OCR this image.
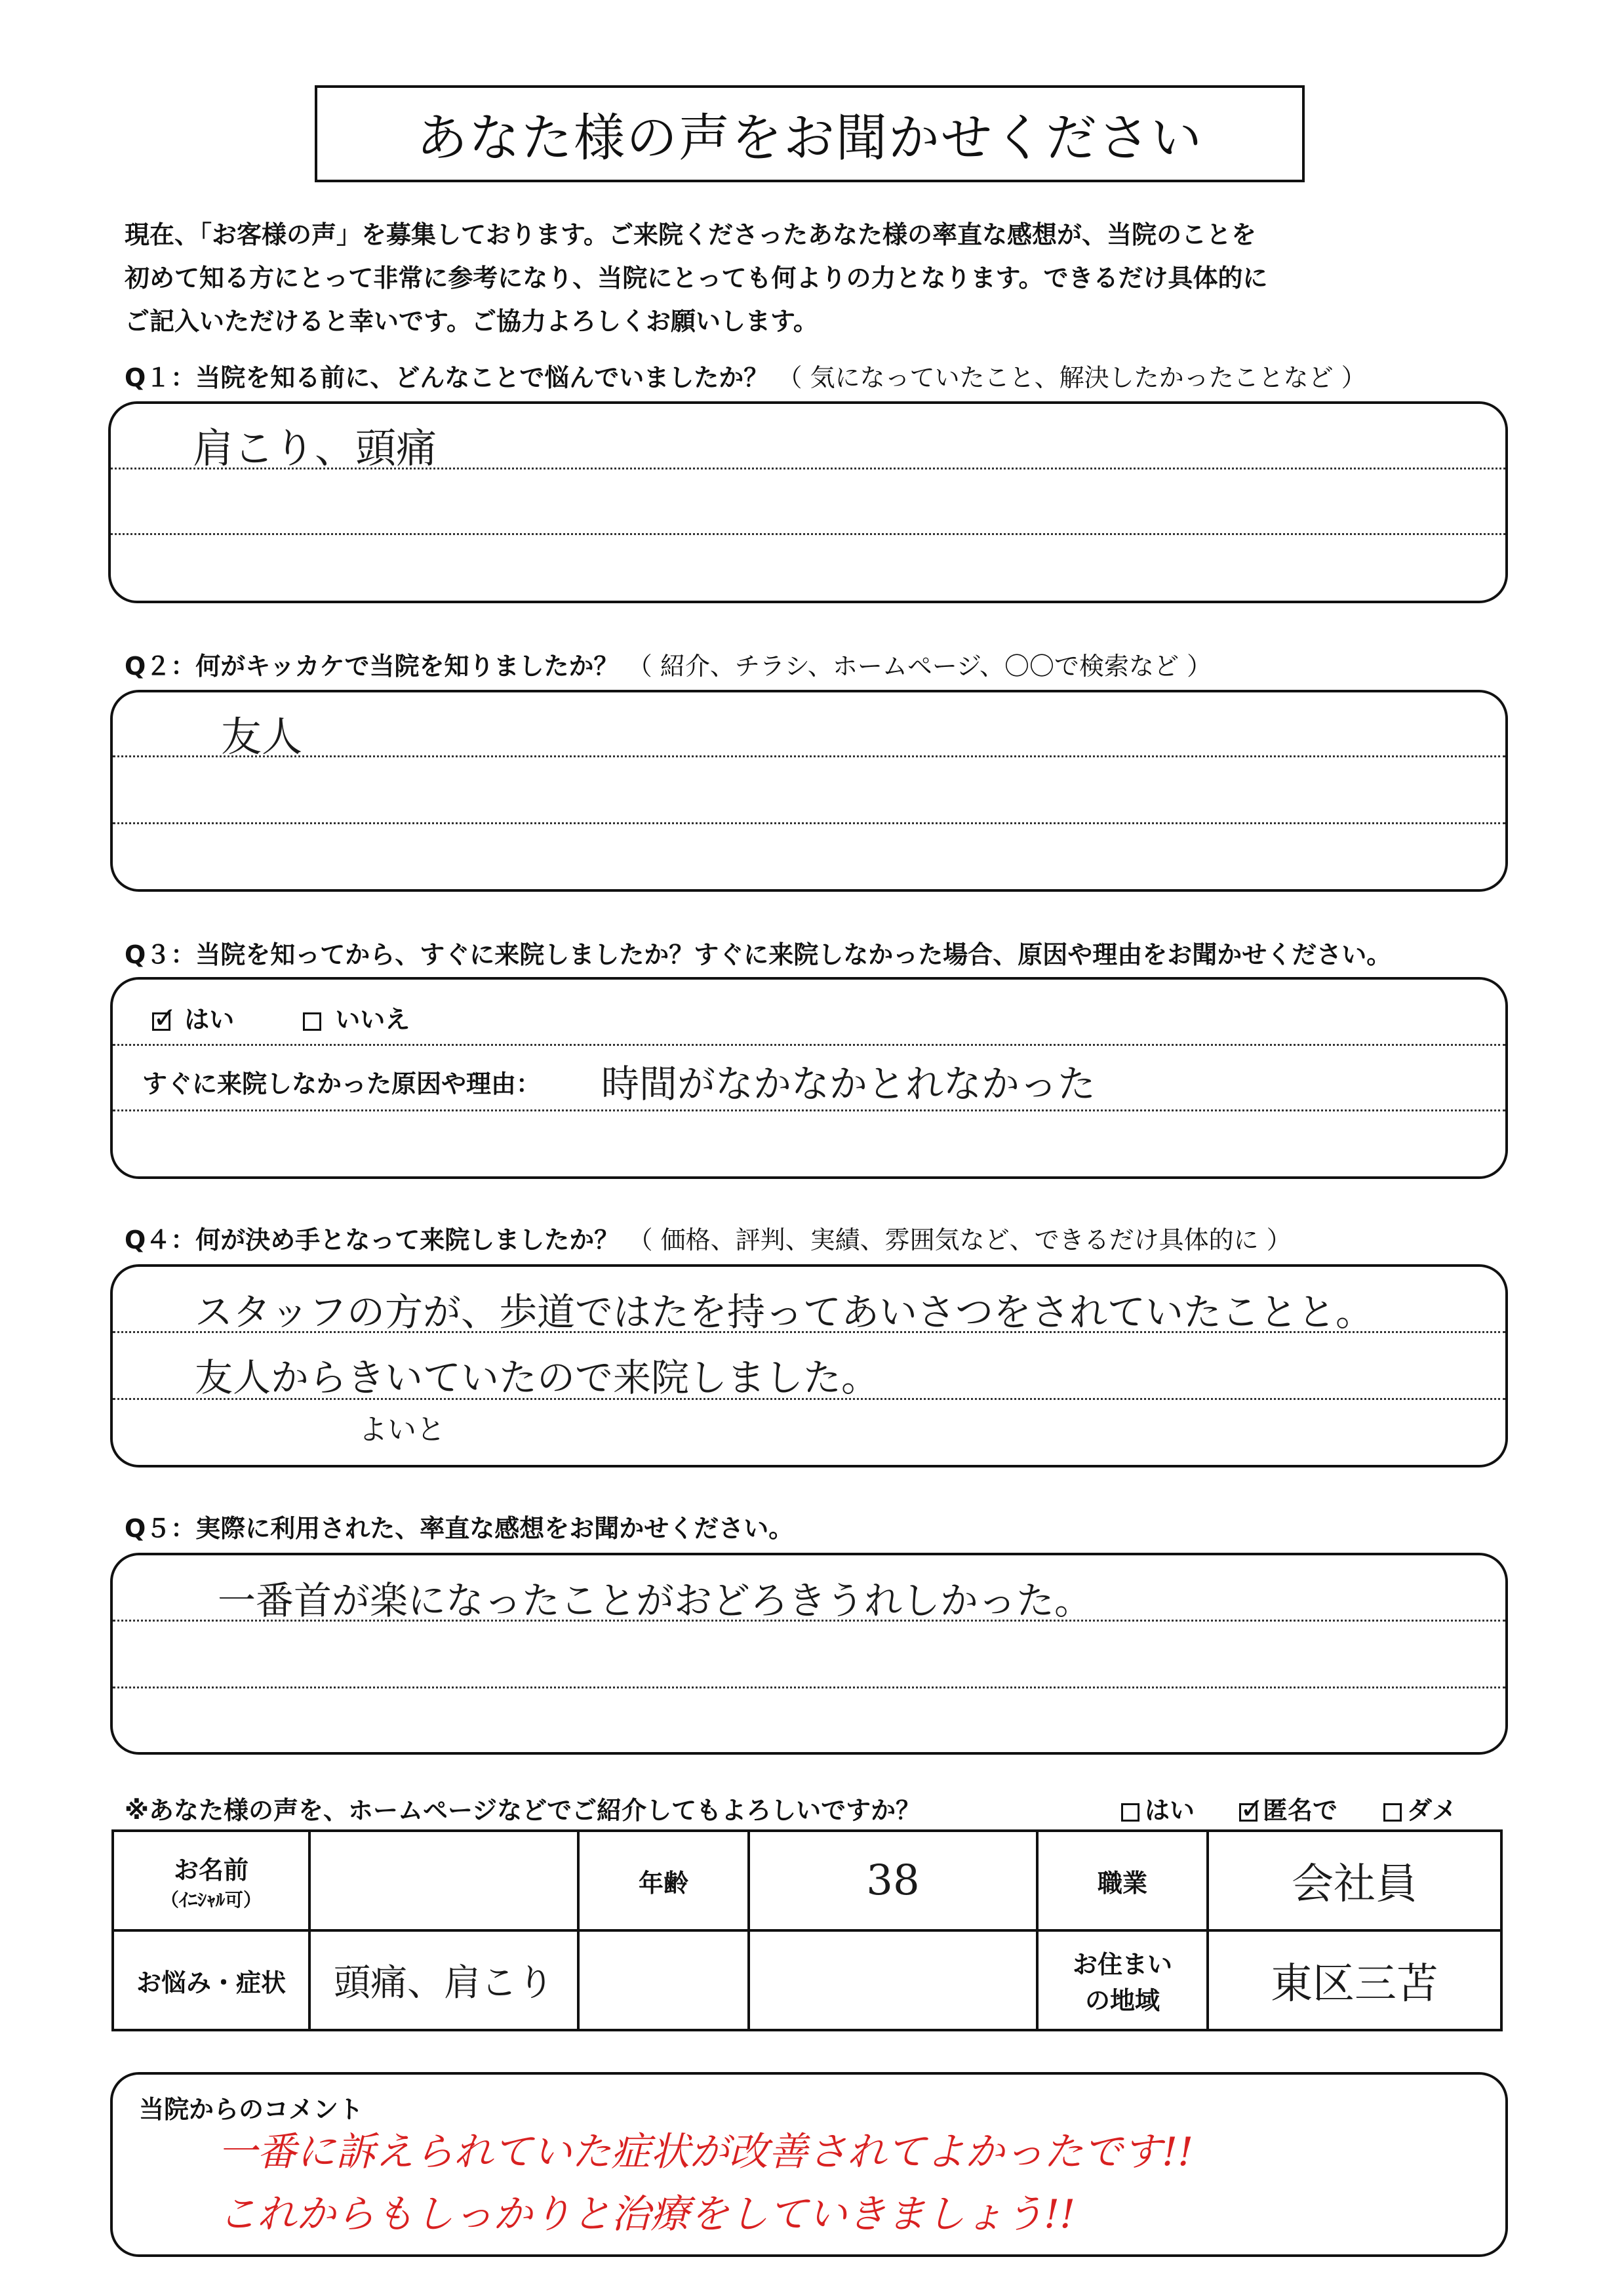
あなた様の声をお聞かせください
現在、「お客様の声」を募集しております。ご来院くださったあなた様の率直な感想が、当院のことを
初めて知る方にとって非常に参考になり、当院にとっても何よりの力となります。できるだけ具体的に
ご記入いただけると幸いです。ご協力よろしくお願いします。
Q１：当院を知る前に、どんなことで悩んでいましたか？ （ 気になっていたこと、解決したかったことなど ）
肩こり、頭痛
Q２：何がキッカケで当院を知りましたか？ （ 紹介、チラシ、ホームページ、〇〇で検索など ）
友人
Q３：当院を知ってから、すぐに来院しましたか？すぐに来院しなかった場合、原因や理由をお聞かせください。
✓ はい	いいえ
すぐに来院しなかった原因や理由： 時間がなかなかとれなかった
Q４：何が決め手となって来院しましたか？ （ 価格、評判、実績、雰囲気など、できるだけ具体的に ）
スタッフの方が、歩道ではたを持ってあいさつをされていたことと。
友人からきいていたので来院しました。
よいと
Q５：実際に利用された、率直な感想をお聞かせください。
一番首が楽になったことがおどろきうれしかった。
※あなた様の声を、ホームページなどでご紹介してもよろしいですか？	はい ✓	匿名で	ダメ
お名前
（ｲﾆｼｬﾙ可）		年齢	38	職業	会社員
お悩み・症状	頭痛、肩こり			お住まい
の地域	東区三苫
当院からのコメント
一番に訴えられていた症状が改善されてよかったです!!
これからもしっかりと治療をしていきましょう!!
